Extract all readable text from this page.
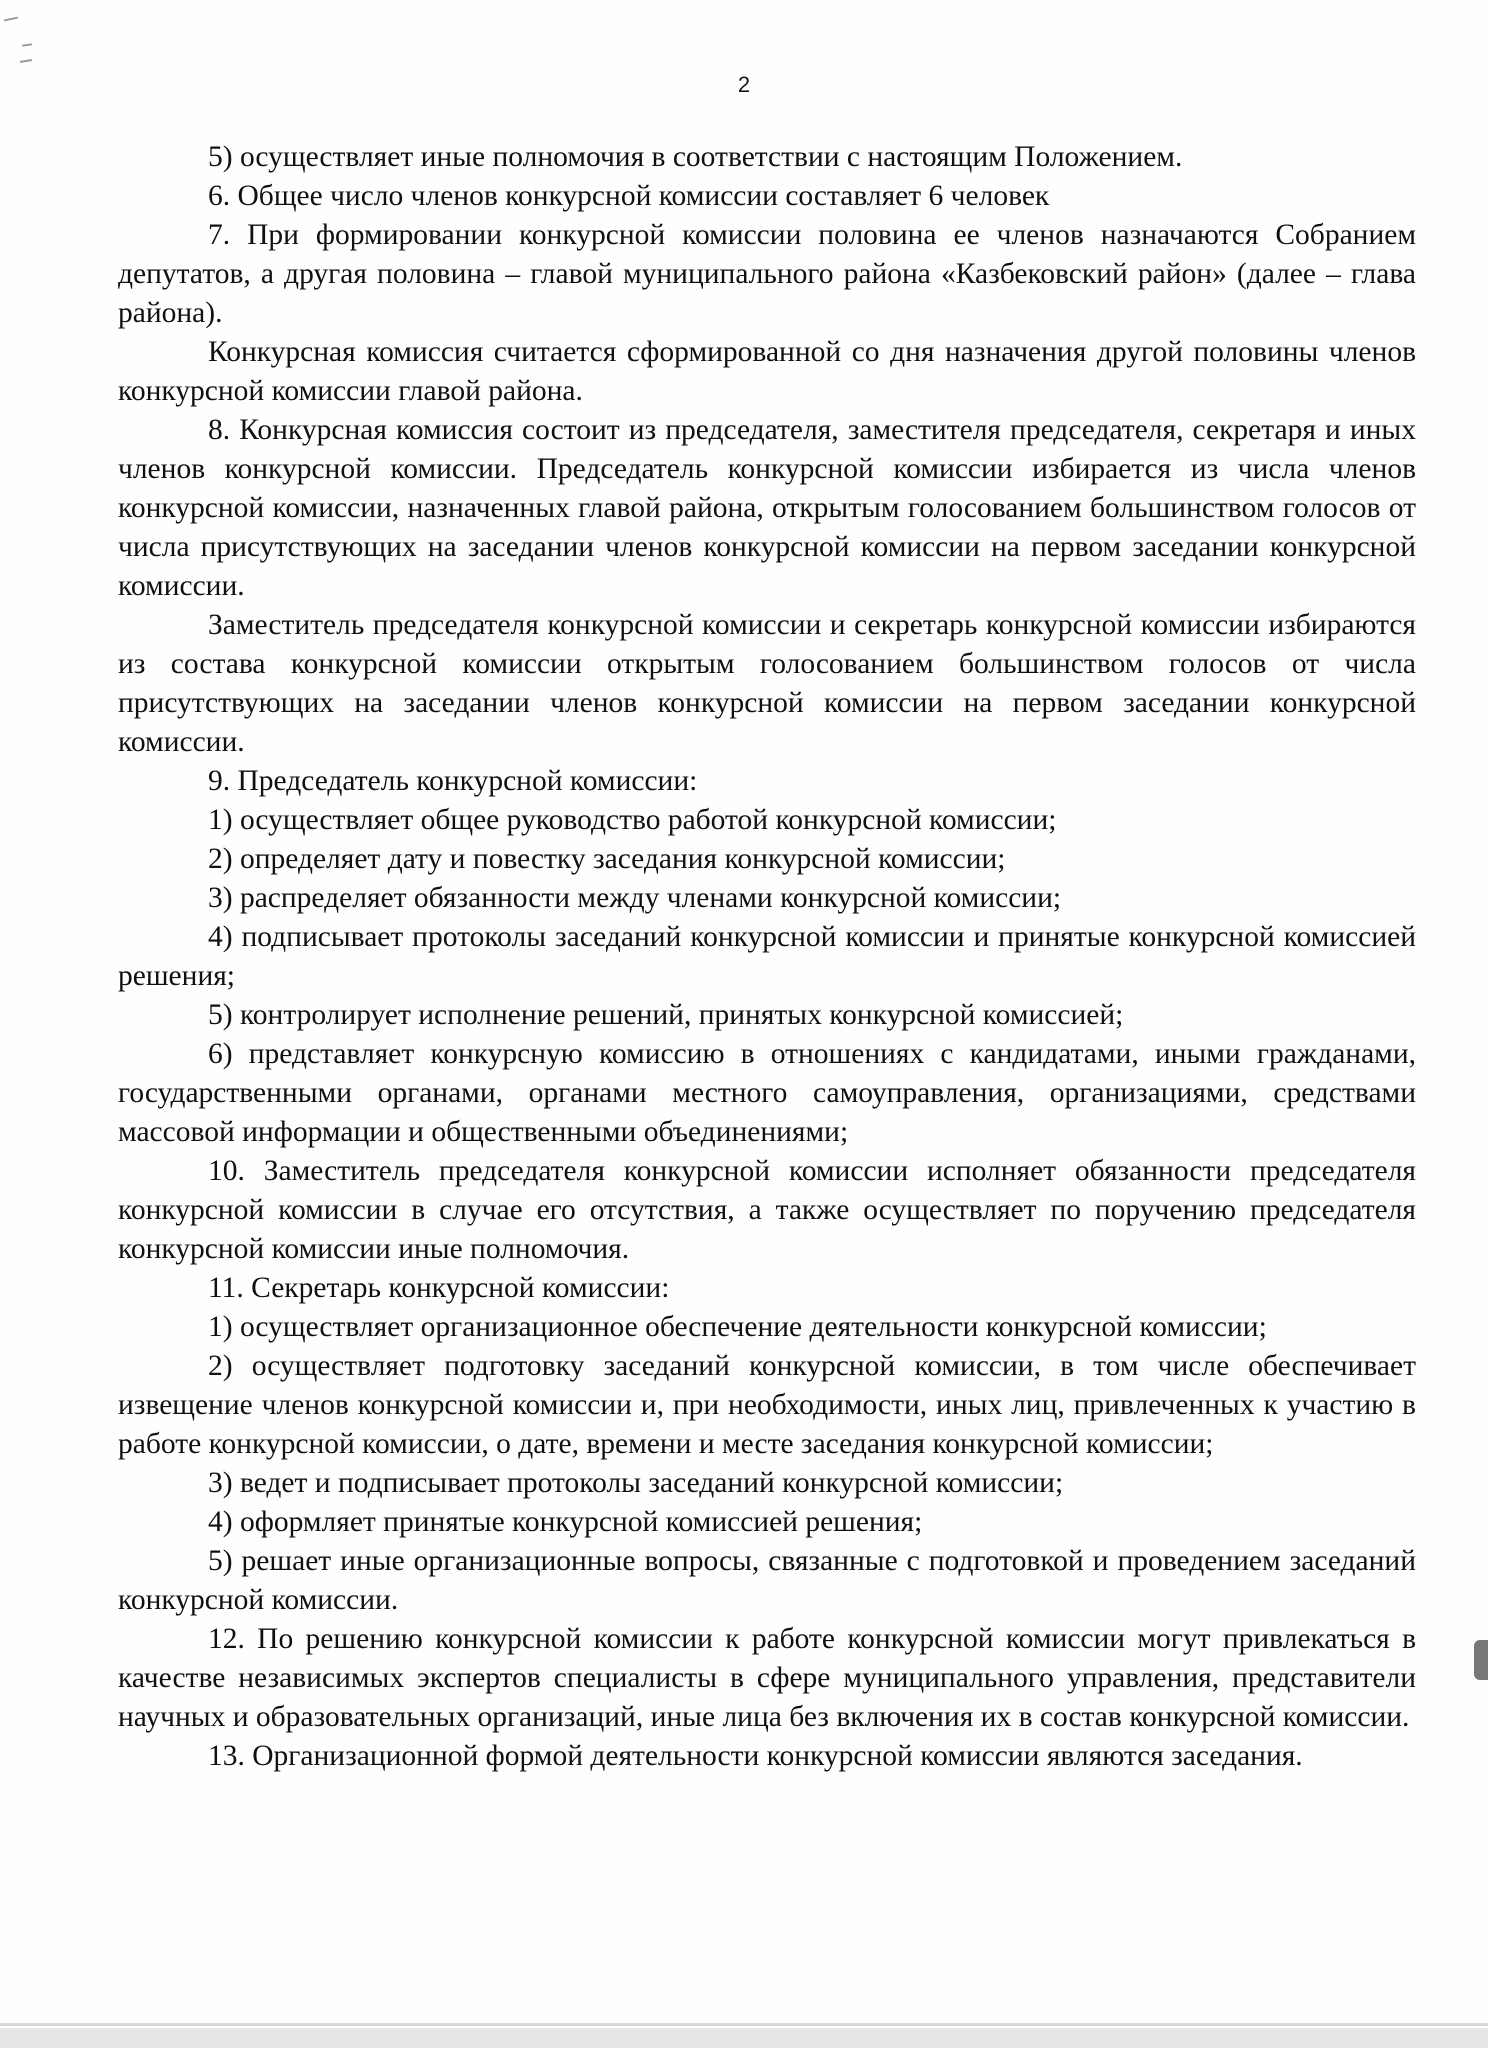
2

5) осуществляет иные полномочия в соответствии с настоящим Положением.

6. Общее число членов конкурсной комиссии составляет 6 человек

7. При формировании конкурсной комиссии половина ее членов назначаются Собранием депутатов, а другая половина – главой муниципального района «Казбековский район» (далее – глава района).

Конкурсная комиссия считается сформированной со дня назначения другой половины членов конкурсной комиссии главой района.

8. Конкурсная комиссия состоит из председателя, заместителя председателя, секретаря и иных членов конкурсной комиссии. Председатель конкурсной комиссии избирается из числа членов конкурсной комиссии, назначенных главой района, открытым голосованием большинством голосов от числа присутствующих на заседании членов конкурсной комиссии на первом заседании конкурсной комиссии.

Заместитель председателя конкурсной комиссии и секретарь конкурсной комиссии избираются из состава конкурсной комиссии открытым голосованием большинством голосов от числа присутствующих на заседании членов конкурсной комиссии на первом заседании конкурсной комиссии.

9. Председатель конкурсной комиссии:

1) осуществляет общее руководство работой конкурсной комиссии;

2) определяет дату и повестку заседания конкурсной комиссии;

3) распределяет обязанности между членами конкурсной комиссии;

4) подписывает протоколы заседаний конкурсной комиссии и принятые конкурсной комиссией решения;

5) контролирует исполнение решений, принятых конкурсной комиссией;

6) представляет конкурсную комиссию в отношениях с кандидатами, иными гражданами, государственными органами, органами местного самоуправления, организациями, средствами массовой информации и общественными объединениями;

10. Заместитель председателя конкурсной комиссии исполняет обязанности председателя конкурсной комиссии в случае его отсутствия, а также осуществляет по поручению председателя конкурсной комиссии иные полномочия.

11. Секретарь конкурсной комиссии:

1) осуществляет организационное обеспечение деятельности конкурсной комиссии;

2) осуществляет подготовку заседаний конкурсной комиссии, в том числе обеспечивает извещение членов конкурсной комиссии и, при необходимости, иных лиц, привлеченных к участию в работе конкурсной комиссии, о дате, времени и месте заседания конкурсной комиссии;

3) ведет и подписывает протоколы заседаний конкурсной комиссии;

4) оформляет принятые конкурсной комиссией решения;

5) решает иные организационные вопросы, связанные с подготовкой и проведением заседаний конкурсной комиссии.

12. По решению конкурсной комиссии к работе конкурсной комиссии могут привлекаться в качестве независимых экспертов специалисты в сфере муниципального управления, представители научных и образовательных организаций, иные лица без включения их в состав конкурсной комиссии.

13. Организационной формой деятельности конкурсной комиссии являются заседания.
